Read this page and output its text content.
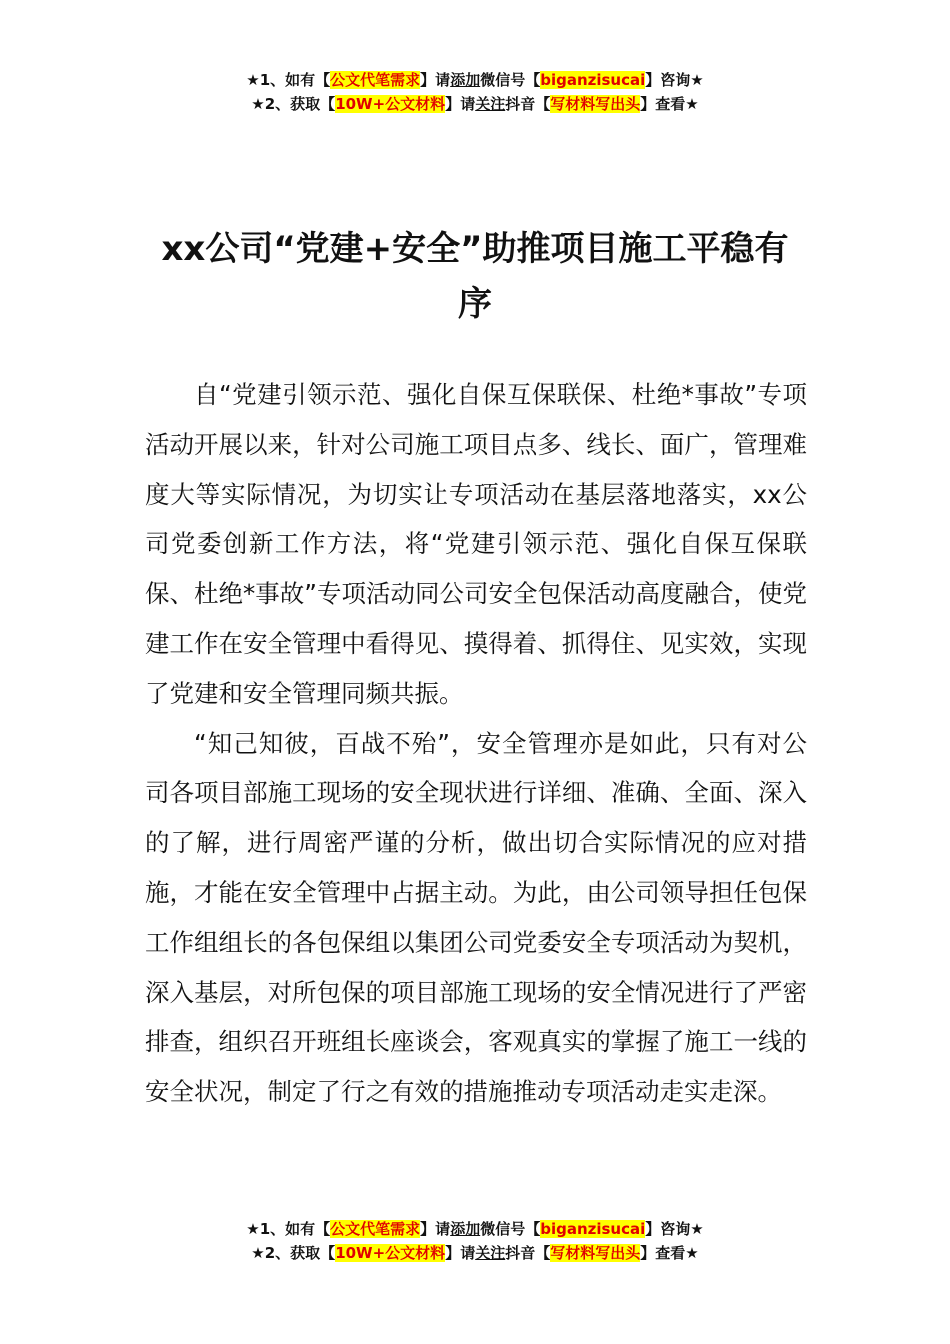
★1、如有【公文代笔需求】请添加微信号【biganzisucai】咨询★
★2、获取【10W+公文材料】请关注抖音【写材料写出头】查看★
xx公司“党建+安全”助推项目施工平稳有
序

自“党建引领示范、强化自保互保联保、杜绝*事故”专项活动开展以来，针对公司施工项目点多、线长、面广，管理难度大等实际情况，为切实让专项活动在基层落地落实，xx公司党委创新工作方法，将“党建引领示范、强化自保互保联保、杜绝*事故”专项活动同公司安全包保活动高度融合，使党建工作在安全管理中看得见、摸得着、抓得住、见实效，实现了党建和安全管理同频共振。

“知己知彼，百战不殆”，安全管理亦是如此，只有对公司各项目部施工现场的安全现状进行详细、准确、全面、深入的了解，进行周密严谨的分析，做出切合实际情况的应对措施，才能在安全管理中占据主动。为此，由公司领导担任包保工作组组长的各包保组以集团公司党委安全专项活动为契机，深入基层，对所包保的项目部施工现场的安全情况进行了严密排查，组织召开班组长座谈会，客观真实的掌握了施工一线的安全状况，制定了行之有效的措施推动专项活动走实走深。

★1、如有【公文代笔需求】请添加微信号【biganzisucai】咨询★
★2、获取【10W+公文材料】请关注抖音【写材料写出头】查看★
